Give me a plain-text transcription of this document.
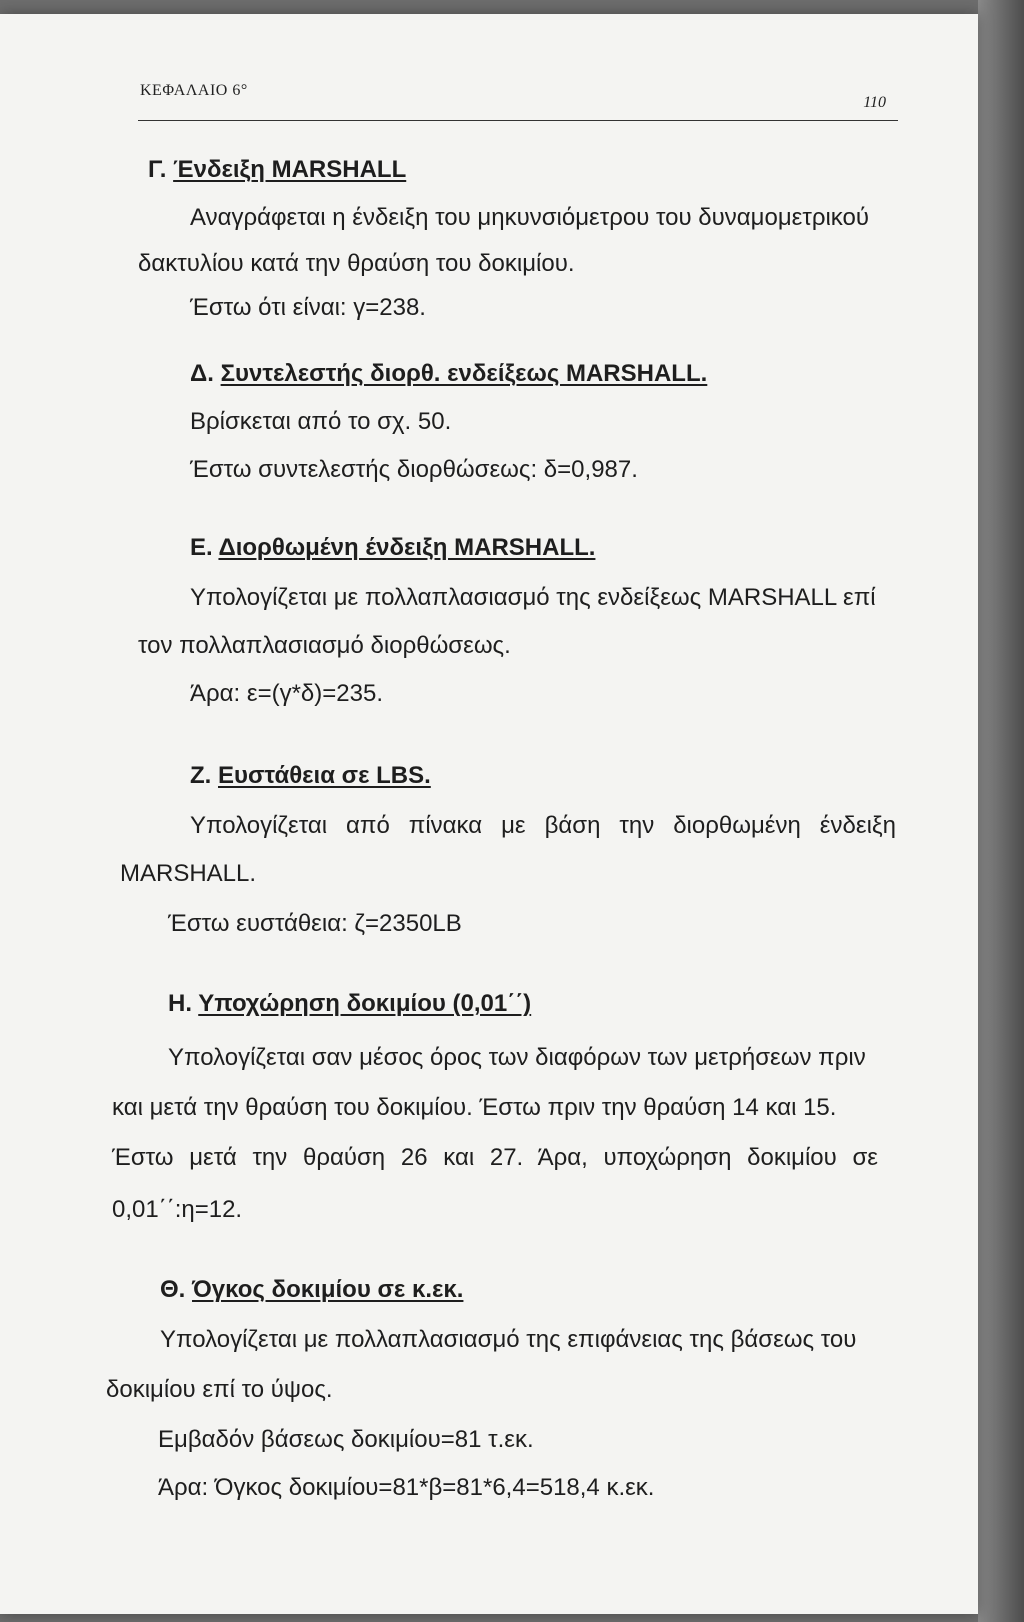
ΚΕΦΑΛΑΙΟ 6°
110
Γ. Ένδειξη MARSHALL
Αναγράφεται η ένδειξη του μηκυνσιόμετρου του δυναμομετρικού
δακτυλίου κατά την θραύση του δοκιμίου.
Έστω ότι είναι: γ=238.
Δ. Συντελεστής διορθ. ενδείξεως MARSHALL.
Βρίσκεται από το σχ. 50.
Έστω συντελεστής διορθώσεως: δ=0,987.
Ε. Διορθωμένη ένδειξη MARSHALL.
Υπολογίζεται με πολλαπλασιασμό της ενδείξεως MARSHALL επί
τον πολλαπλασιασμό διορθώσεως.
Άρα: ε=(γ*δ)=235.
Ζ. Ευστάθεια σε LBS.
Υπολογίζεται από πίνακα με βάση την διορθωμένη ένδειξη
MARSHALL.
Έστω ευστάθεια: ζ=2350LB
Η. Υποχώρηση δοκιμίου (0,01΄΄)
Υπολογίζεται σαν μέσος όρος των διαφόρων των μετρήσεων πριν
και μετά την θραύση του δοκιμίου. Έστω πριν την θραύση 14 και 15.
Έστω μετά την θραύση 26 και 27. Άρα, υποχώρηση δοκιμίου σε
0,01΄΄:η=12.
Θ. Όγκος δοκιμίου σε κ.εκ.
Υπολογίζεται με πολλαπλασιασμό της επιφάνειας της βάσεως του
δοκιμίου επί το ύψος.
Εμβαδόν βάσεως δοκιμίου=81 τ.εκ.
Άρα: Όγκος δοκιμίου=81*β=81*6,4=518,4 κ.εκ.
